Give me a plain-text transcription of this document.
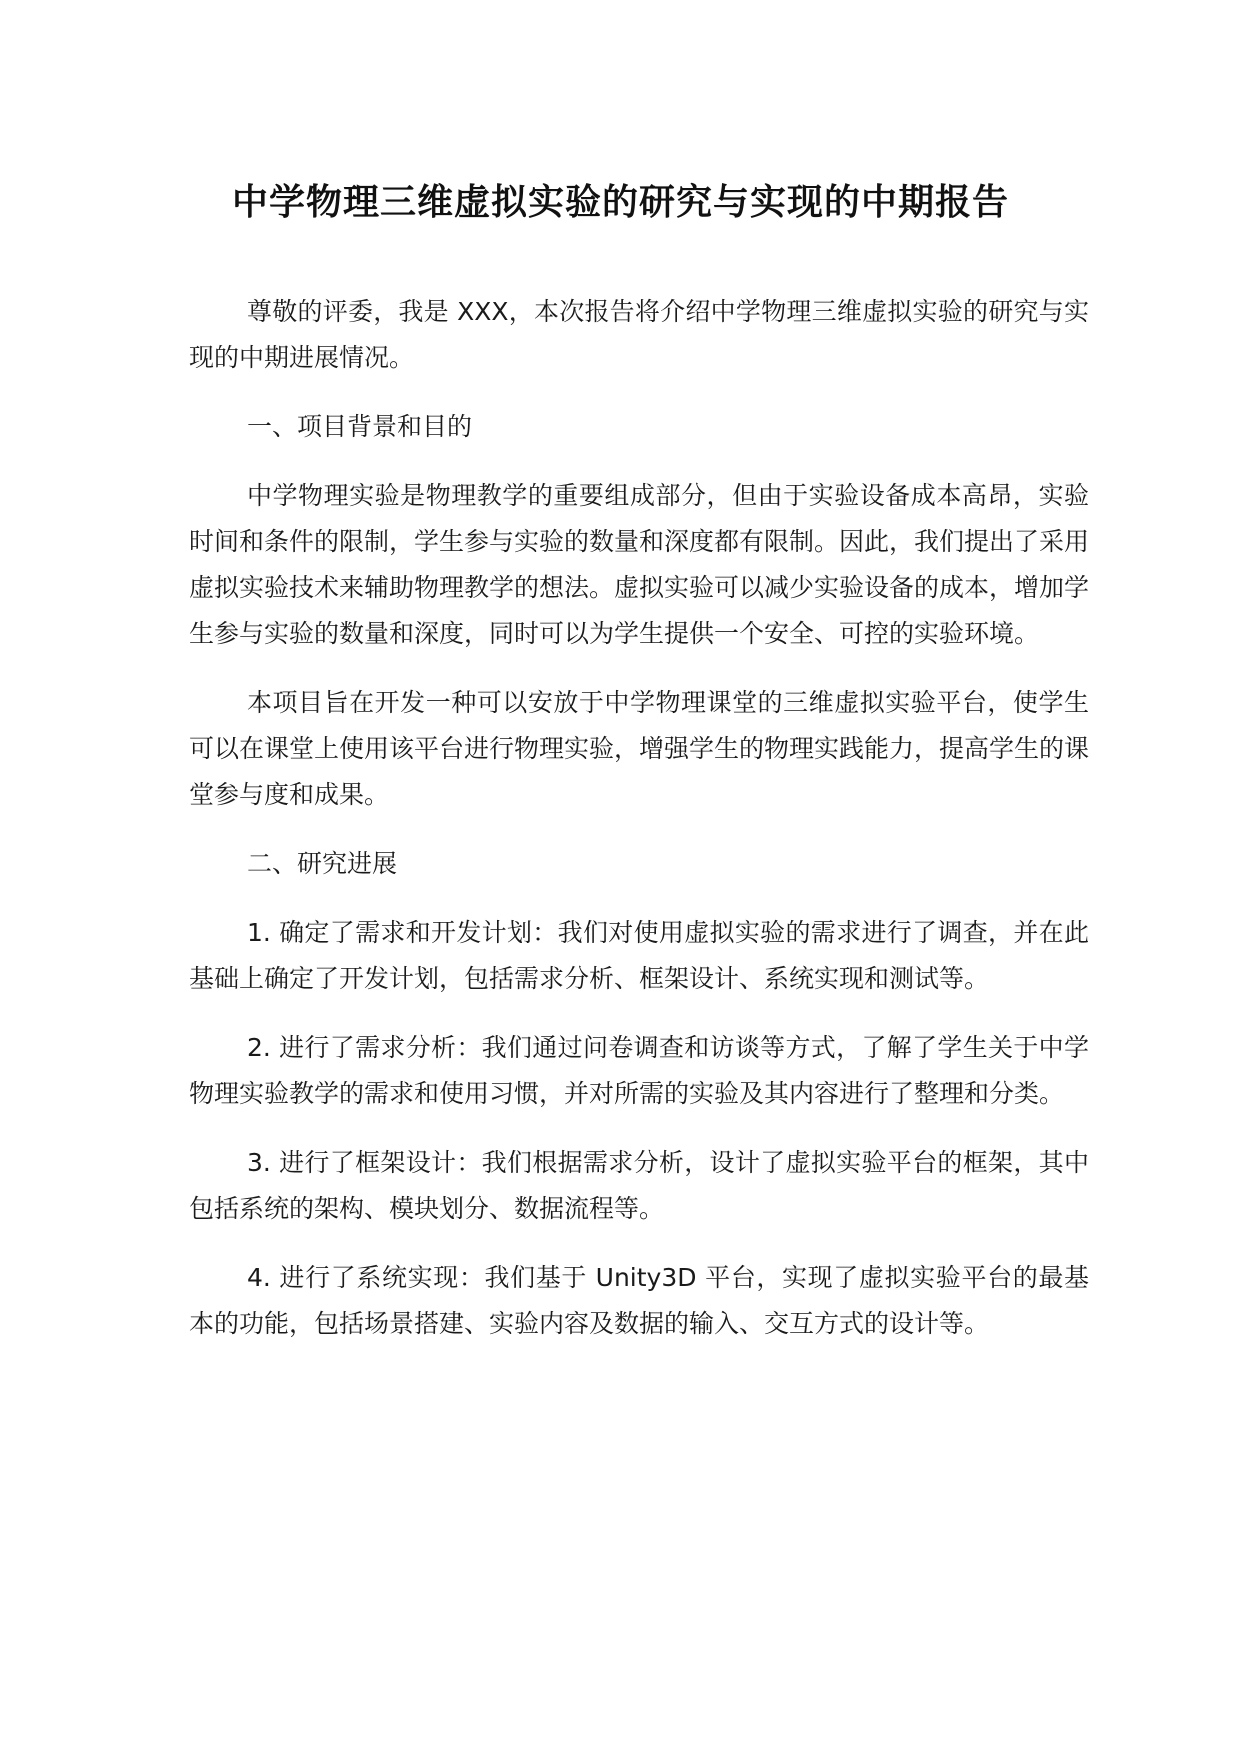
中学物理三维虚拟实验的研究与实现的中期报告

尊敬的评委，我是 XXX，本次报告将介绍中学物理三维虚拟实验的研究与实现的中期进展情况。

一、项目背景和目的

中学物理实验是物理教学的重要组成部分，但由于实验设备成本高昂，实验时间和条件的限制，学生参与实验的数量和深度都有限制。因此，我们提出了采用虚拟实验技术来辅助物理教学的想法。虚拟实验可以减少实验设备的成本，增加学生参与实验的数量和深度，同时可以为学生提供一个安全、可控的实验环境。

本项目旨在开发一种可以安放于中学物理课堂的三维虚拟实验平台，使学生可以在课堂上使用该平台进行物理实验，增强学生的物理实践能力，提高学生的课堂参与度和成果。

二、研究进展

1. 确定了需求和开发计划：我们对使用虚拟实验的需求进行了调查，并在此基础上确定了开发计划，包括需求分析、框架设计、系统实现和测试等。

2. 进行了需求分析：我们通过问卷调查和访谈等方式，了解了学生关于中学物理实验教学的需求和使用习惯，并对所需的实验及其内容进行了整理和分类。

3. 进行了框架设计：我们根据需求分析，设计了虚拟实验平台的框架，其中包括系统的架构、模块划分、数据流程等。

4. 进行了系统实现：我们基于 Unity3D 平台，实现了虚拟实验平台的最基本的功能，包括场景搭建、实验内容及数据的输入、交互方式的设计等。
